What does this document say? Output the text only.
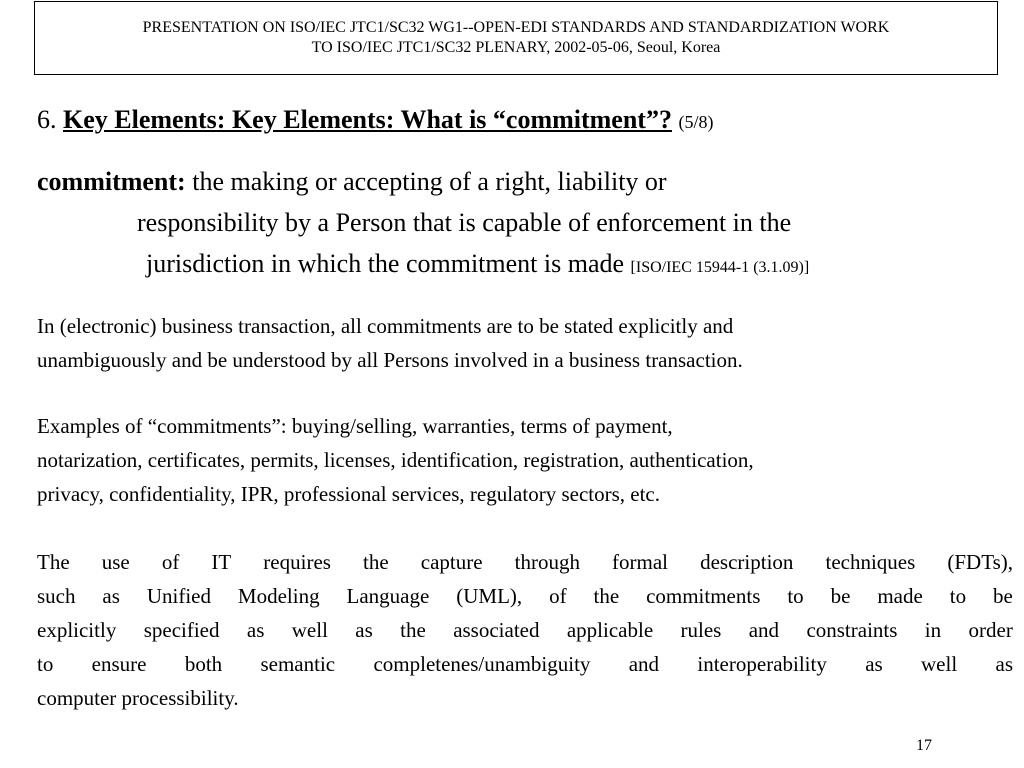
PRESENTATION ON ISO/IEC JTC1/SC32 WG1--OPEN-EDI STANDARDS AND STANDARDIZATION WORK
TO ISO/IEC JTC1/SC32 PLENARY, 2002-05-06, Seoul, Korea
6. Key Elements: Key Elements: What is “commitment”? (5/8)
commitment: the making or accepting of a right, liability or
responsibility by a Person that is capable of enforcement in the
jurisdiction in which the commitment is made [ISO/IEC 15944-1 (3.1.09)]
In (electronic) business transaction, all commitments are to be stated explicitly and
unambiguously and be understood by all Persons involved in a business transaction.
Examples of “commitments”: buying/selling, warranties, terms of payment,
notarization, certificates, permits, licenses, identification, registration, authentication,
privacy, confidentiality, IPR, professional services, regulatory sectors, etc.
The use of IT requires the capture through formal description techniques (FDTs),
such as Unified Modeling Language (UML), of the commitments to be made to be
explicitly specified as well as the associated applicable rules and constraints in order
to ensure both semantic completenes/unambiguity and interoperability as well as
computer processibility.
17
